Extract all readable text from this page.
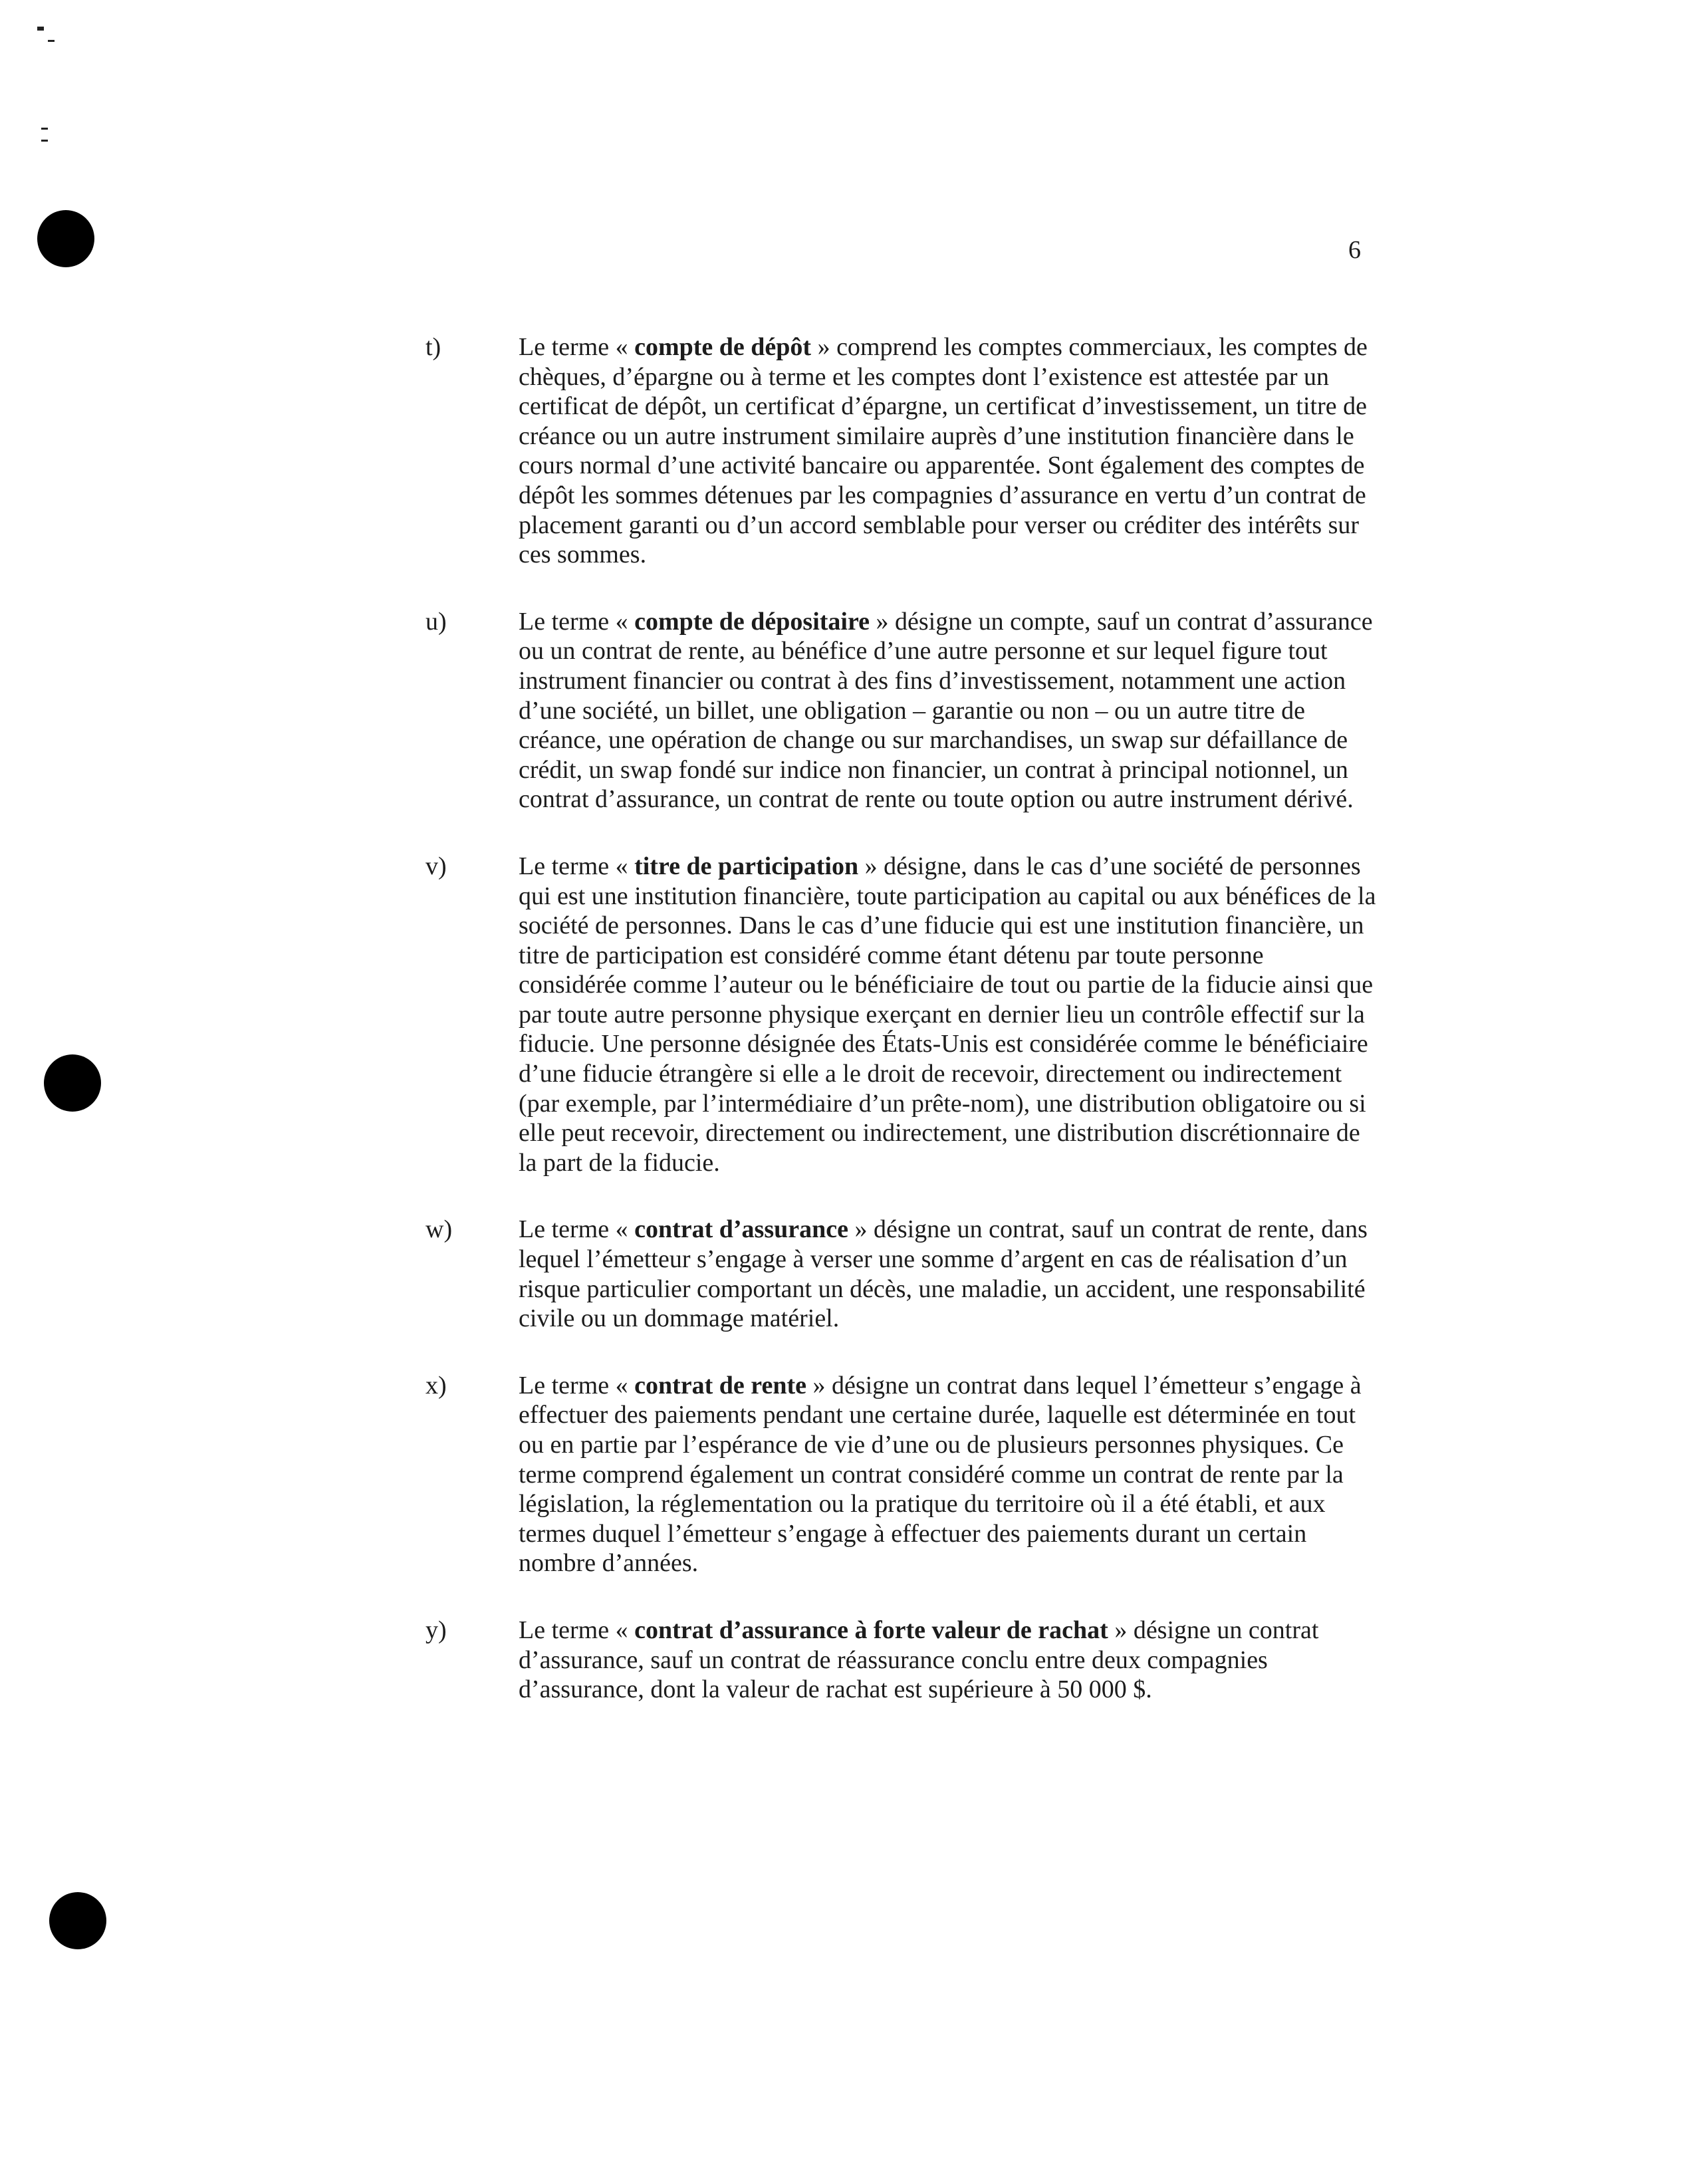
6
t)	Le terme « compte de dépôt » comprend les comptes commerciaux, les comptes de chèques, d’épargne ou à terme et les comptes dont l’existence est attestée par un certificat de dépôt, un certificat d’épargne, un certificat d’investissement, un titre de créance ou un autre instrument similaire auprès d’une institution financière dans le cours normal d’une activité bancaire ou apparentée. Sont également des comptes de dépôt les sommes détenues par les compagnies d’assurance en vertu d’un contrat de placement garanti ou d’un accord semblable pour verser ou créditer des intérêts sur ces sommes.
u)	Le terme « compte de dépositaire » désigne un compte, sauf un contrat d’assurance ou un contrat de rente, au bénéfice d’une autre personne et sur lequel figure tout instrument financier ou contrat à des fins d’investissement, notamment une action d’une société, un billet, une obligation – garantie ou non – ou un autre titre de créance, une opération de change ou sur marchandises, un swap sur défaillance de crédit, un swap fondé sur indice non financier, un contrat à principal notionnel, un contrat d’assurance, un contrat de rente ou toute option ou autre instrument dérivé.
v)	Le terme « titre de participation » désigne, dans le cas d’une société de personnes qui est une institution financière, toute participation au capital ou aux bénéfices de la société de personnes. Dans le cas d’une fiducie qui est une institution financière, un titre de participation est considéré comme étant détenu par toute personne considérée comme l’auteur ou le bénéficiaire de tout ou partie de la fiducie ainsi que par toute autre personne physique exerçant en dernier lieu un contrôle effectif sur la fiducie. Une personne désignée des États-Unis est considérée comme le bénéficiaire d’une fiducie étrangère si elle a le droit de recevoir, directement ou indirectement (par exemple, par l’intermédiaire d’un prête-nom), une distribution obligatoire ou si elle peut recevoir, directement ou indirectement, une distribution discrétionnaire de la part de la fiducie.
w)	Le terme « contrat d’assurance » désigne un contrat, sauf un contrat de rente, dans lequel l’émetteur s’engage à verser une somme d’argent en cas de réalisation d’un risque particulier comportant un décès, une maladie, un accident, une responsabilité civile ou un dommage matériel.
x)	Le terme « contrat de rente » désigne un contrat dans lequel l’émetteur s’engage à effectuer des paiements pendant une certaine durée, laquelle est déterminée en tout ou en partie par l’espérance de vie d’une ou de plusieurs personnes physiques. Ce terme comprend également un contrat considéré comme un contrat de rente par la législation, la réglementation ou la pratique du territoire où il a été établi, et aux termes duquel l’émetteur s’engage à effectuer des paiements durant un certain nombre d’années.
y)	Le terme « contrat d’assurance à forte valeur de rachat » désigne un contrat d’assurance, sauf un contrat de réassurance conclu entre deux compagnies d’assurance, dont la valeur de rachat est supérieure à 50 000 $.
